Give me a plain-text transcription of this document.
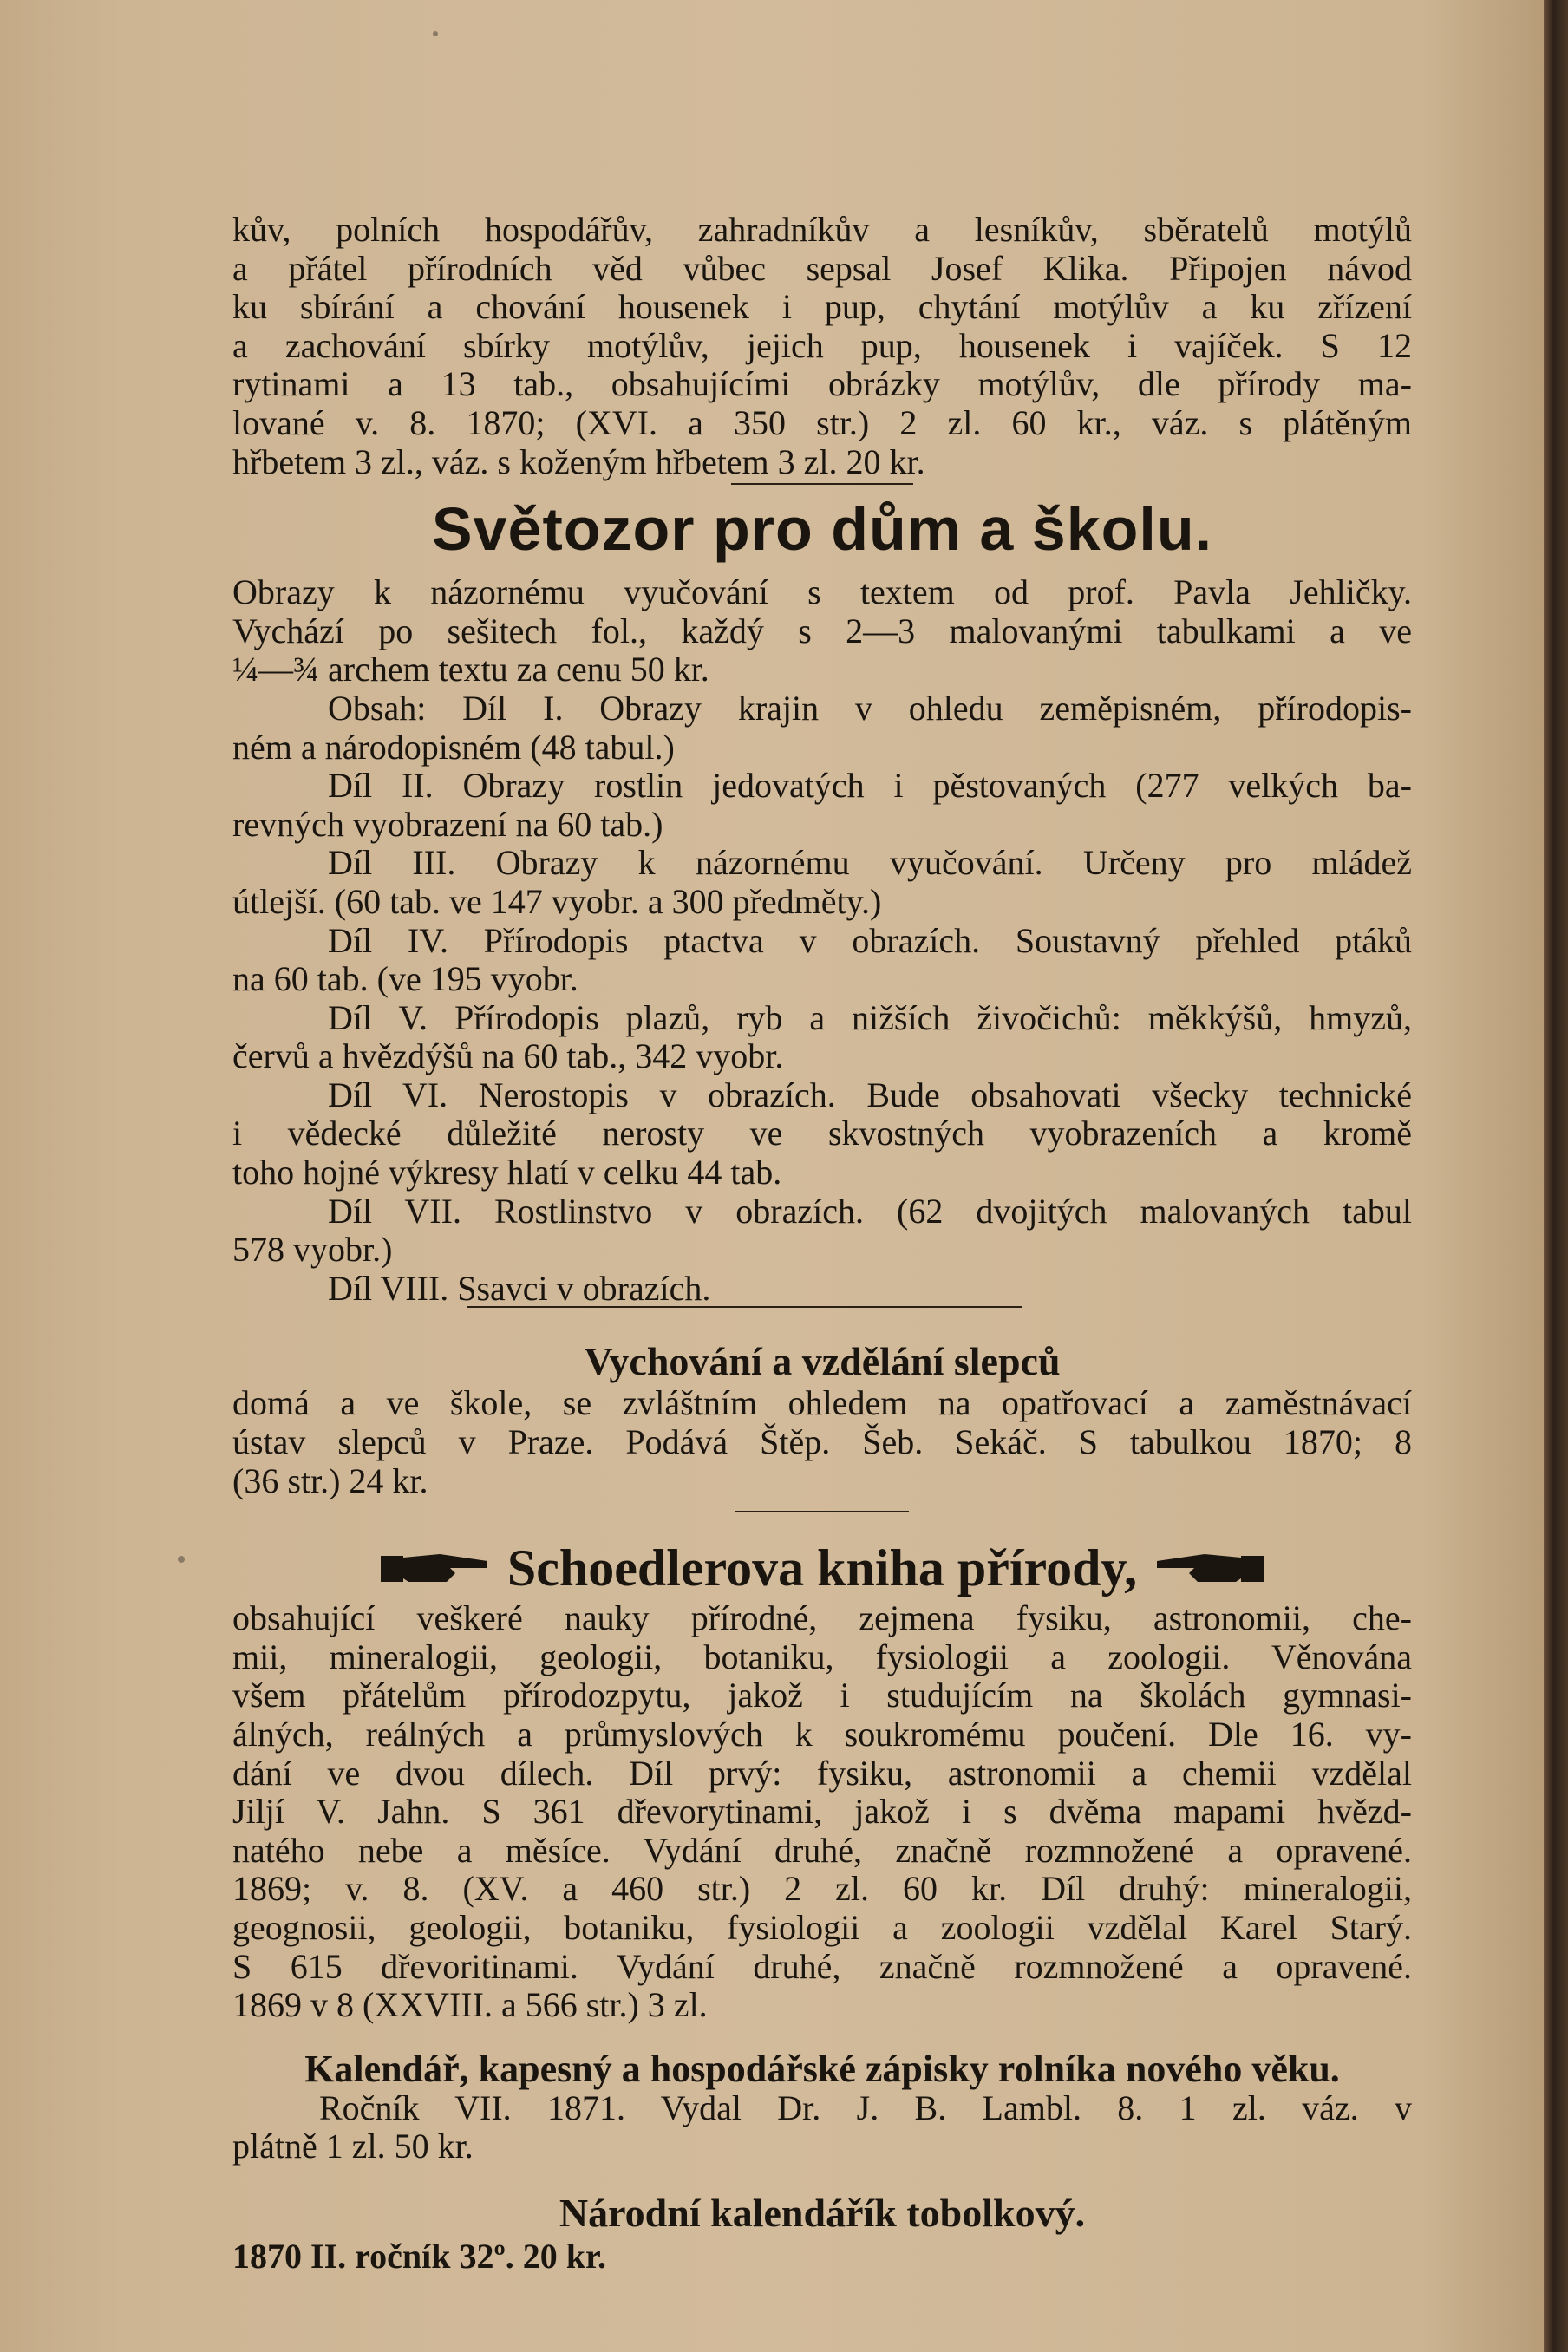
kův, polních hospodářův, zahradníkův a lesníkův, sběratelů motýlů
a přátel přírodních věd vůbec sepsal Josef Klika. Připojen návod
ku sbírání a chování housenek i pup, chytání motýlův a ku zřízení
a zachování sbírky motýlův, jejich pup, housenek i vajíček. S 12
rytinami a 13 tab., obsahujícími obrázky motýlův, dle přírody ma-
lované v. 8. 1870; (XVI. a 350 str.) 2 zl. 60 kr., váz. s plátěným
hřbetem 3 zl., váz. s koženým hřbetem 3 zl. 20 kr.
Světozor pro dům a školu.
Obrazy k názornému vyučování s textem od prof. Pavla Jehličky.
Vychází po sešitech fol., každý s 2—3 malovanými tabulkami a ve
¼—¾ archem textu za cenu 50 kr.
Obsah: Díl I. Obrazy krajin v ohledu zeměpisném, přírodopis-
ném a národopisném (48 tabul.)
Díl II. Obrazy rostlin jedovatých i pěstovaných (277 velkých ba-
revných vyobrazení na 60 tab.)
Díl III. Obrazy k názornému vyučování. Určeny pro mládež
útlejší. (60 tab. ve 147 vyobr. a 300 předměty.)
Díl IV. Přírodopis ptactva v obrazích. Soustavný přehled ptáků
na 60 tab. (ve 195 vyobr.
Díl V. Přírodopis plazů, ryb a nižších živočichů: měkkýšů, hmyzů,
červů a hvězdýšů na 60 tab., 342 vyobr.
Díl VI. Nerostopis v obrazích. Bude obsahovati všecky technické
i vědecké důležité nerosty ve skvostných vyobrazeních a kromě
toho hojné výkresy hlatí v celku 44 tab.
Díl VII. Rostlinstvo v obrazích. (62 dvojitých malovaných tabul
578 vyobr.)
Díl VIII. Ssavci v obrazích.
Vychování a vzdělání slepců
domá a ve škole, se zvláštním ohledem na opatřovací a zaměstnávací
ústav slepců v Praze. Podává Štěp. Šeb. Sekáč. S tabulkou 1870; 8
(36 str.) 24 kr.
Schoedlerova kniha přírody,
obsahující veškeré nauky přírodné, zejmena fysiku, astronomii, che-
mii, mineralogii, geologii, botaniku, fysiologii a zoologii. Věnována
všem přátelům přírodozpytu, jakož i studujícím na školách gymnasi-
álných, reálných a průmyslových k soukromému poučení. Dle 16. vy-
dání ve dvou dílech. Díl prvý: fysiku, astronomii a chemii vzdělal
Jiljí V. Jahn. S 361 dřevorytinami, jakož i s dvěma mapami hvězd-
natého nebe a měsíce. Vydání druhé, značně rozmnožené a opravené.
1869; v. 8. (XV. a 460 str.) 2 zl. 60 kr. Díl druhý: mineralogii,
geognosii, geologii, botaniku, fysiologii a zoologii vzdělal Karel Starý.
S 615 dřevoritinami. Vydání druhé, značně rozmnožené a opravené.
1869 v 8 (XXVIII. a 566 str.) 3 zl.
Kalendář, kapesný a hospodářské zápisky rolníka nového věku.
Ročník VII. 1871. Vydal Dr. J. B. Lambl. 8. 1 zl. váz. v
plátně 1 zl. 50 kr.
Národní kalendářík tobolkový.
1870 II. ročník 32º. 20 kr.
